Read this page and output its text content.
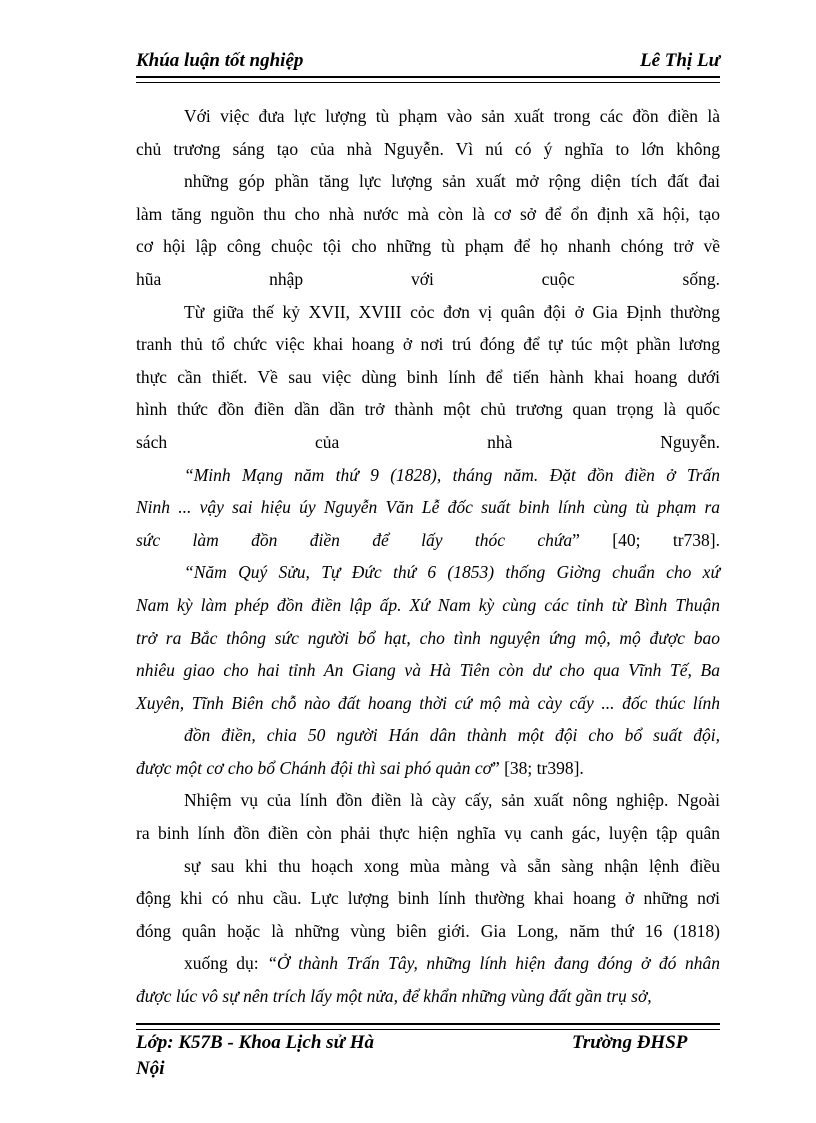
Khúa luận tốt nghiệp	Lê Thị Lư
Với việc đưa lực lượng tù phạm vào sản xuất trong các đồn điền là
chủ trương sáng tạo của nhà Nguyễn. Vì nú có ý nghĩa to lớn không
những góp phần tăng lực lượng sản xuất mở rộng diện tích đất đai
làm tăng nguồn thu cho nhà nước mà còn là cơ sở để ổn định xã hội, tạo
cơ hội lập công chuộc tội cho những tù phạm để họ nhanh chóng trở về
hũa nhập với cuộc sống.
Từ giữa thế kỷ XVII, XVIII cỏc đơn vị quân đội ở Gia Định thường
tranh thủ tổ chức việc khai hoang ở nơi trú đóng để tự túc một phần lương
thực cần thiết. Về sau việc dùng binh lính để tiến hành khai hoang dưới
hình thức đồn điền dần dần trở thành một chủ trương quan trọng là quốc
sách của nhà Nguyễn.
“Minh Mạng năm thứ 9 (1828), tháng năm. Đặt đồn điền ở Trấn
Ninh ... vậy sai hiệu úy Nguyễn Văn Lễ đốc suất binh lính cùng tù phạm ra
sức làm đồn điền để lấy thóc chứa” [40; tr738].
“Năm Quý Sửu, Tự Đức thứ 6 (1853) thống Giờng chuẩn cho xứ
Nam kỳ làm phép đồn điền lập ấp. Xứ Nam kỳ cùng các tỉnh từ Bình Thuận
trở ra Bắc thông sức người bổ hạt, cho tình nguyện ứng mộ, mộ được bao
nhiêu giao cho hai tỉnh An Giang và Hà Tiên còn dư cho qua Vĩnh Tế, Ba
Xuyên, Tĩnh Biên chỗ nào đất hoang thời cứ mộ mà cày cấy ... đốc thúc lính
đồn điền, chia 50 người Hán dân thành một đội cho bổ suất đội,
được một cơ cho bổ Chánh đội thì sai phó quản cơ” [38; tr398].
Nhiệm vụ của lính đồn điền là cày cấy, sản xuất nông nghiệp. Ngoài
ra binh lính đồn điền còn phải thực hiện nghĩa vụ canh gác, luyện tập quân
sự sau khi thu hoạch xong mùa màng và sẵn sàng nhận lệnh điều
động khi có nhu cầu. Lực lượng binh lính thường khai hoang ở những nơi
đóng quân hoặc là những vùng biên giới. Gia Long, năm thứ 16 (1818)
xuống dụ: “Ở thành Trấn Tây, những lính hiện đang đóng ở đó nhân
được lúc vô sự nên trích lấy một nửa, để khẩn những vùng đất gần trụ sở,
Lớp: K57B - Khoa Lịch sử Hà Nội
Trường ĐHSP
